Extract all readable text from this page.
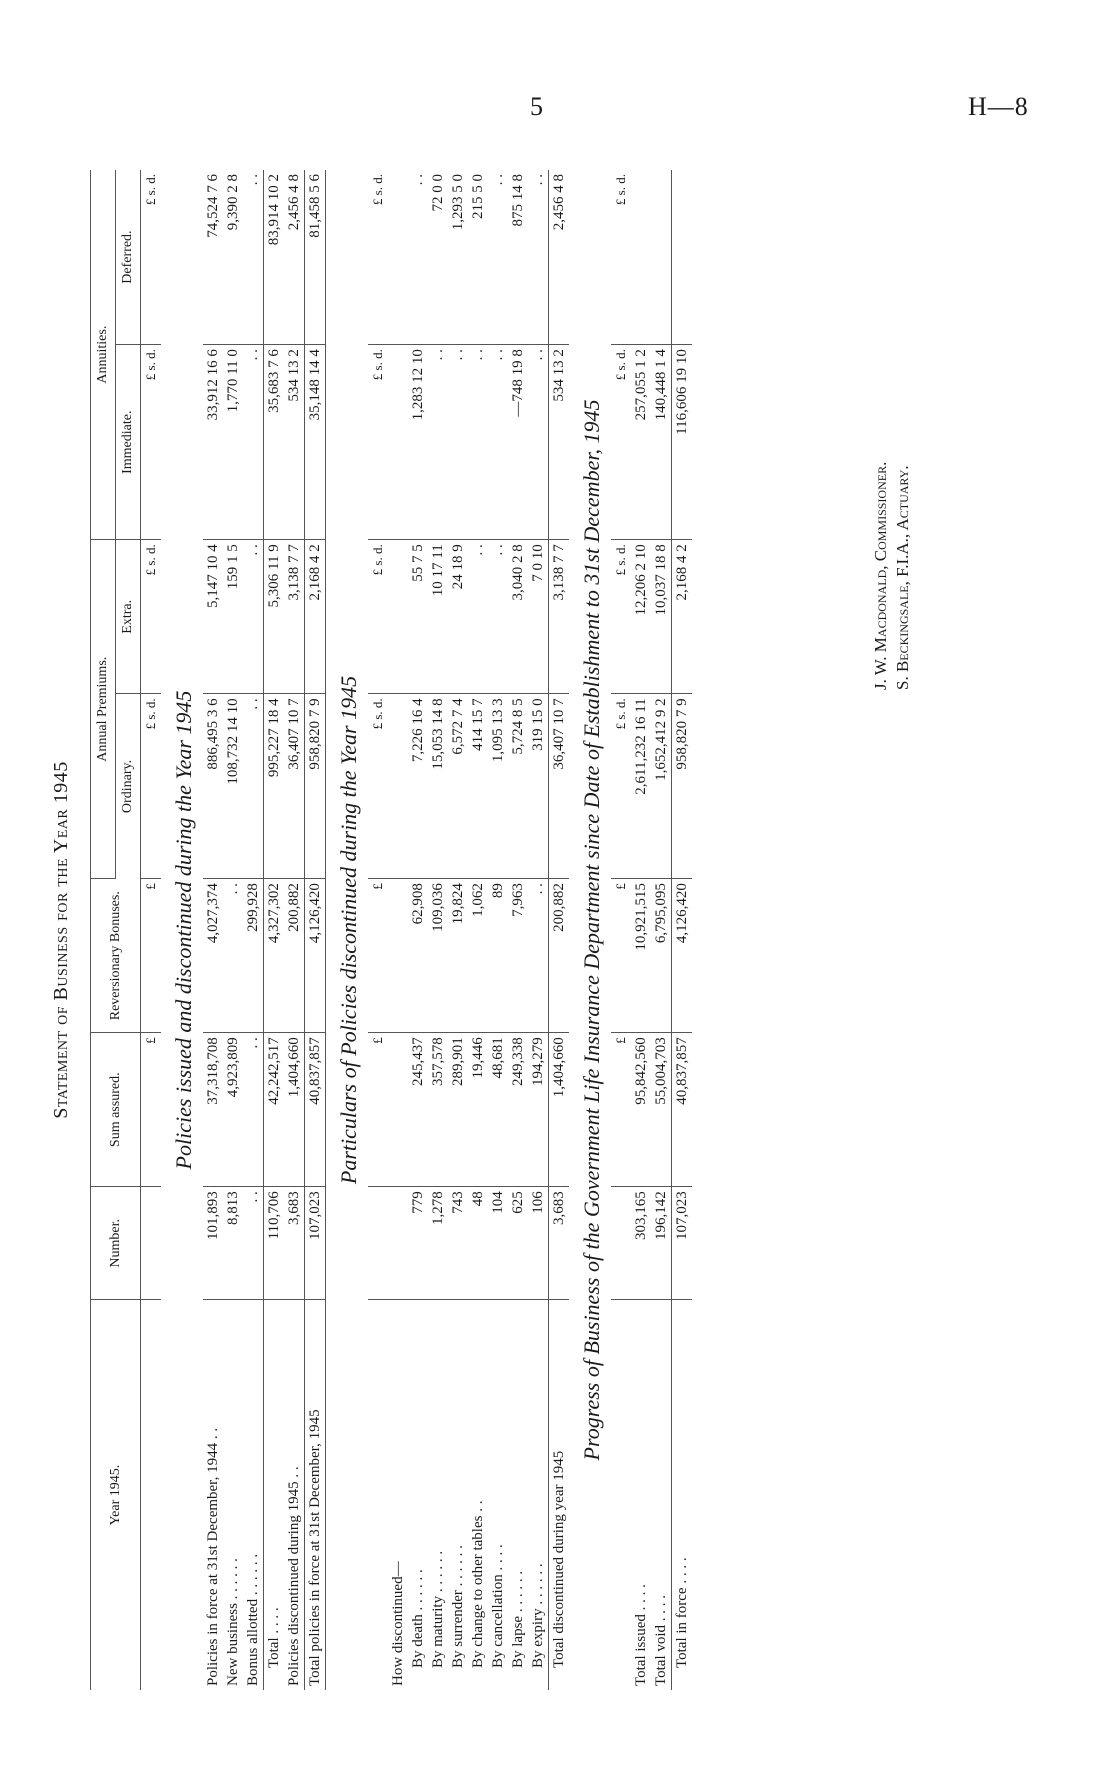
5	H—8
Statement of Business for the Year 1945
Year 1945.	Number.	Sum assured.	Reversionary Bonuses.	Annual Premiums.		Annuities.	
				Ordinary.	Extra.	Immediate.	Deferred.
		£	£	£ s. d.	£ s. d.	£ s. d.	£ s. d.
Policies issued and discontinued during the Year 1945							
Policies in force at 31st December, 1944 . .	101,893	37,318,708	4,027,374	886,495 3 6	5,147 10 4	33,912 16 6	74,524 7 6
New business . . . . . .	8,813	4,923,809	. .	108,732 14 10	159 1 5	1,770 11 0	9,390 2 8
Bonus allotted . . . . . .	. .	. .	299,928	. .	. .	. .	. .
Total . . . .	110,706	42,242,517	4,327,302	995,227 18 4	5,306 11 9	35,683 7 6	83,914 10 2
Policies discontinued during 1945 . .	3,683	1,404,660	200,882	36,407 10 7	3,138 7 7	534 13 2	2,456 4 8
Total policies in force at 31st December, 1945	107,023	40,837,857	4,126,420	958,820 7 9	2,168 4 2	35,148 14 4	81,458 5 6
Particulars of Policies discontinued during the Year 1945							
		£	£	£ s. d.	£ s. d.	£ s. d.	£ s. d.
How discontinued—							
By death . . . . . .	779	245,437	62,908	7,226 16 4	55 7 5	1,283 12 10	. .
By maturity . . . . . .	1,278	357,578	109,036	15,053 14 8	10 17 11	. .	72 0 0
By surrender . . . . . .	743	289,901	19,824	6,572 7 4	24 18 9	. .	1,293 5 0
By change to other tables . .	48	19,446	1,062	414 15 7	. .	. .	215 5 0
By cancellation . . . .	104	48,681	89	1,095 13 3	. .	. .	. .
By lapse . . . . . .	625	249,338	7,963	5,724 8 5	3,040 2 8	—748 19 8	875 14 8
By expiry . . . . . .	106	194,279	. .	319 15 0	7 0 10	. .	. .
Total discontinued during year 1945	3,683	1,404,660	200,882	36,407 10 7	3,138 7 7	534 13 2	2,456 4 8
Progress of Business of the Government Life Insurance Department since Date of Establishment to 31st December, 1945							
		£	£	£ s. d.	£ s. d.	£ s. d.	£ s. d.
Total issued . . . .	303,165	95,842,560	10,921,515	2,611,232 16 11	12,206 2 10	257,055 1 2	
Total void . . . .	196,142	55,004,703	6,795,095	1,652,412 9 2	10,037 18 8	140,448 1 4	
Total in force . . . .	107,023	40,837,857	4,126,420	958,820 7 9	2,168 4 2	116,606 19 10	
J. W. Macdonald, Commissioner. S. Beckingsale, F.I.A., Actuary.
